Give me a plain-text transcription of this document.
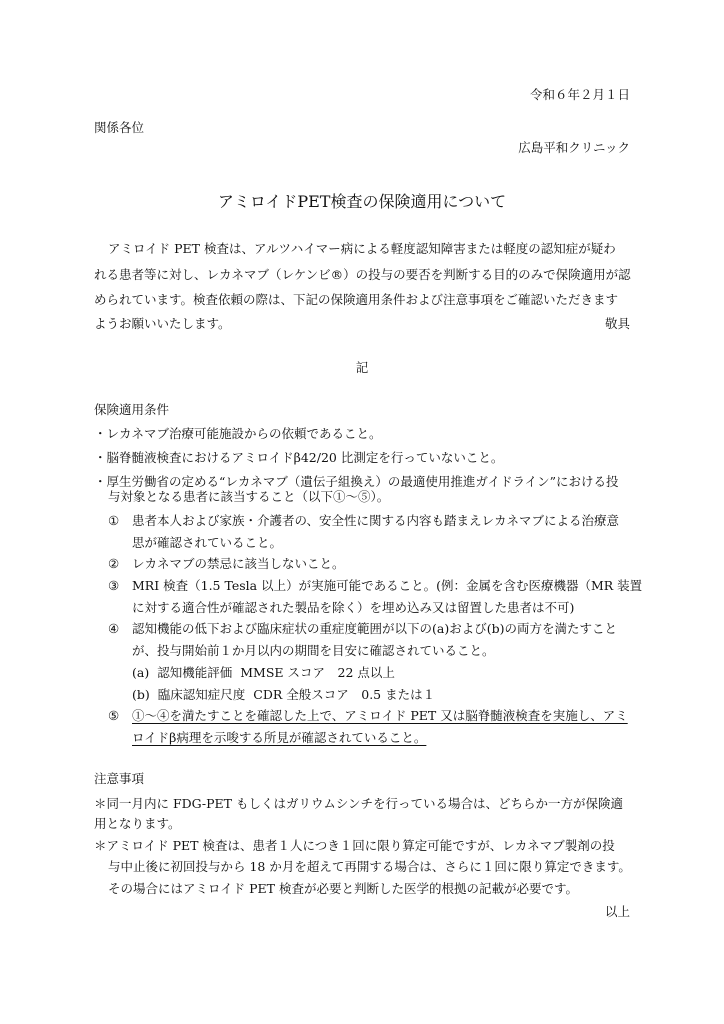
令和６年２月１日
関係各位
広島平和クリニック
アミロイドPET検査の保険適用について
アミロイド PET 検査は、アルツハイマー病による軽度認知障害または軽度の認知症が疑わ
れる患者等に対し、レカネマブ（レケンビ®）の投与の要否を判断する目的のみで保険適用が認
められています。検査依頼の際は、下記の保険適用条件および注意事項をご確認いただきます
ようお願いいたします。	敬具
記
保険適用条件
・レカネマブ治療可能施設からの依頼であること。
・脳脊髄液検査におけるアミロイドβ42/20 比測定を行っていないこと。
・厚生労働省の定める“レカネマブ（遺伝子組換え）の最適使用推進ガイドライン”における投
与対象となる患者に該当すること（以下①～⑤）。
① 患者本人および家族・介護者の、安全性に関する内容も踏まえレカネマブによる治療意
思が確認されていること。
② レカネマブの禁忌に該当しないこと。
③ MRI 検査（1.5 Tesla 以上）が実施可能であること。(例：金属を含む医療機器（MR 装置
に対する適合性が確認された製品を除く）を埋め込み又は留置した患者は不可)
④ 認知機能の低下および臨床症状の重症度範囲が以下の(a)および(b)の両方を満たすこと
が、投与開始前１か月以内の期間を目安に確認されていること。
(a) 認知機能評価 MMSE スコア　22 点以上
(b) 臨床認知症尺度 CDR 全般スコア　0.5 または１
⑤ ①～④を満たすことを確認した上で、アミロイド PET 又は脳脊髄液検査を実施し、アミ
ロイドβ病理を示唆する所見が確認されていること。
注意事項
＊同一月内に FDG-PET もしくはガリウムシンチを行っている場合は、どちらか一方が保険適
用となります。
＊アミロイド PET 検査は、患者１人につき１回に限り算定可能ですが、レカネマブ製剤の投
与中止後に初回投与から 18 か月を超えて再開する場合は、さらに１回に限り算定できます。
その場合にはアミロイド PET 検査が必要と判断した医学的根拠の記載が必要です。
以上
